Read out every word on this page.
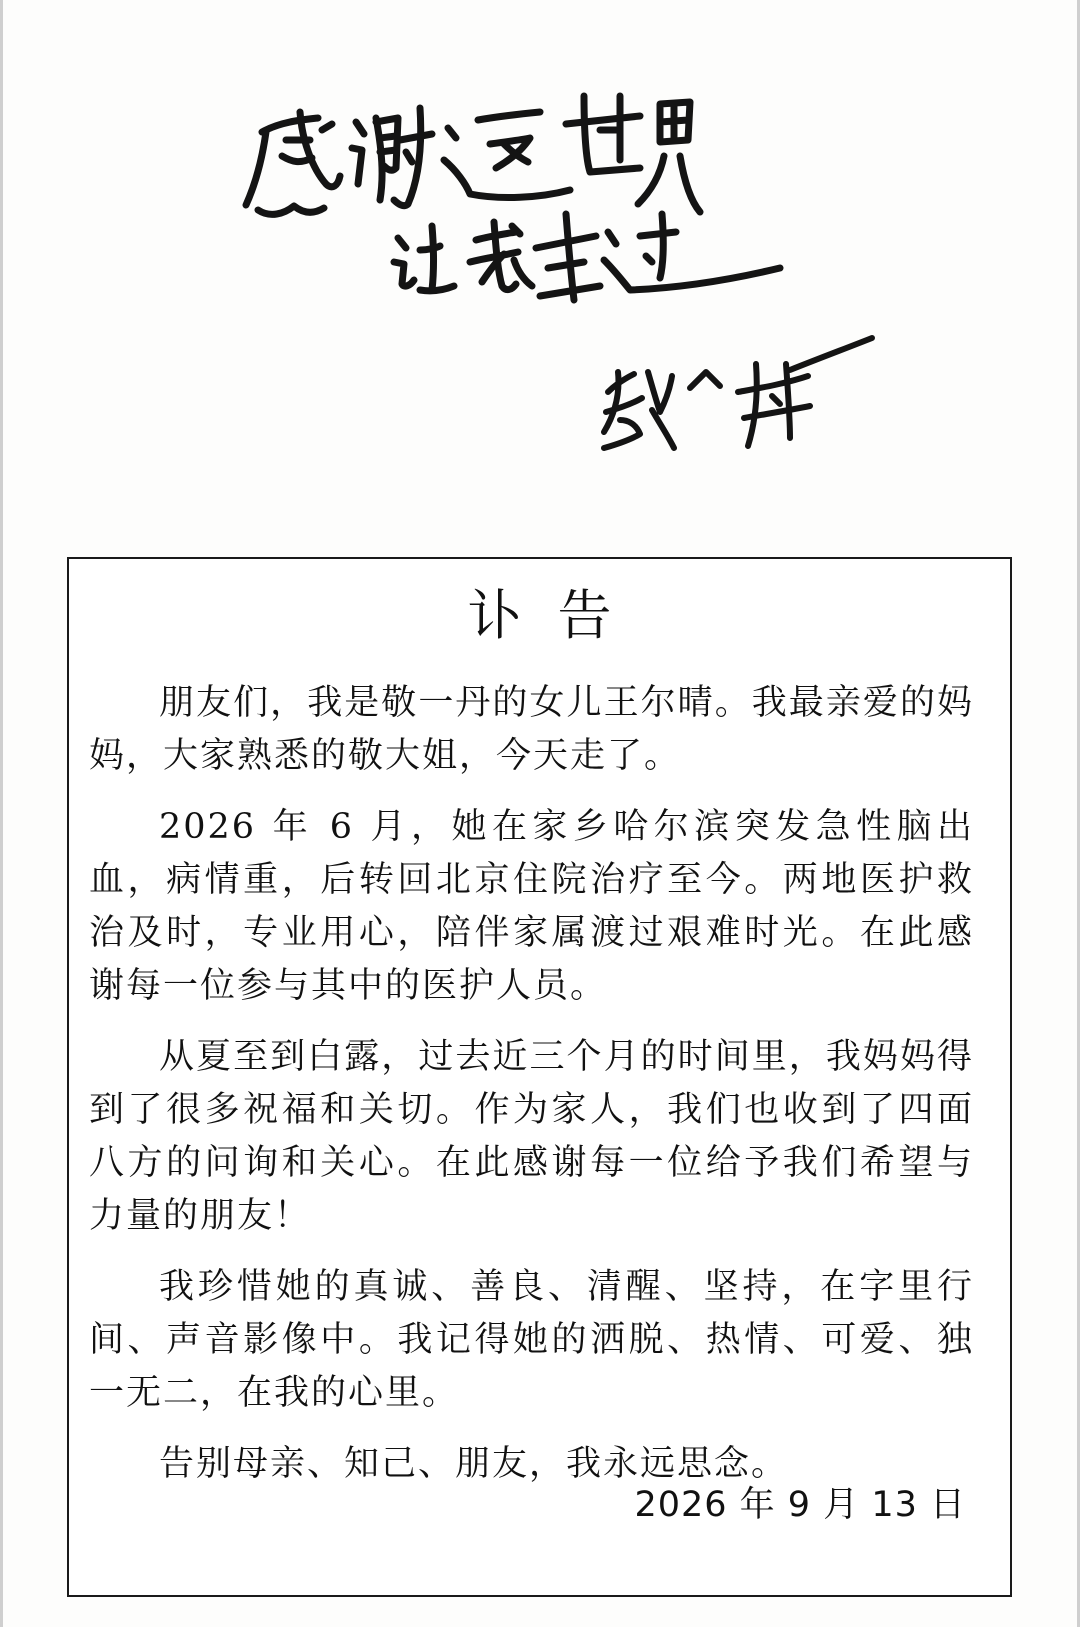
讣告

朋友们，我是敬一丹的女儿王尔晴。我最亲爱的妈妈，大家熟悉的敬大姐，今天走了。

2026 年 6 月，她在家乡哈尔滨突发急性脑出血，病情重，后转回北京住院治疗至今。两地医护救治及时，专业用心，陪伴家属渡过艰难时光。在此感谢每一位参与其中的医护人员。

从夏至到白露，过去近三个月的时间里，我妈妈得到了很多祝福和关切。作为家人，我们也收到了四面八方的问询和关心。在此感谢每一位给予我们希望与力量的朋友！

我珍惜她的真诚、善良、清醒、坚持，在字里行间、声音影像中。我记得她的洒脱、热情、可爱、独一无二，在我的心里。

告别母亲、知己、朋友，我永远思念。

2026 年 9 月 13 日
